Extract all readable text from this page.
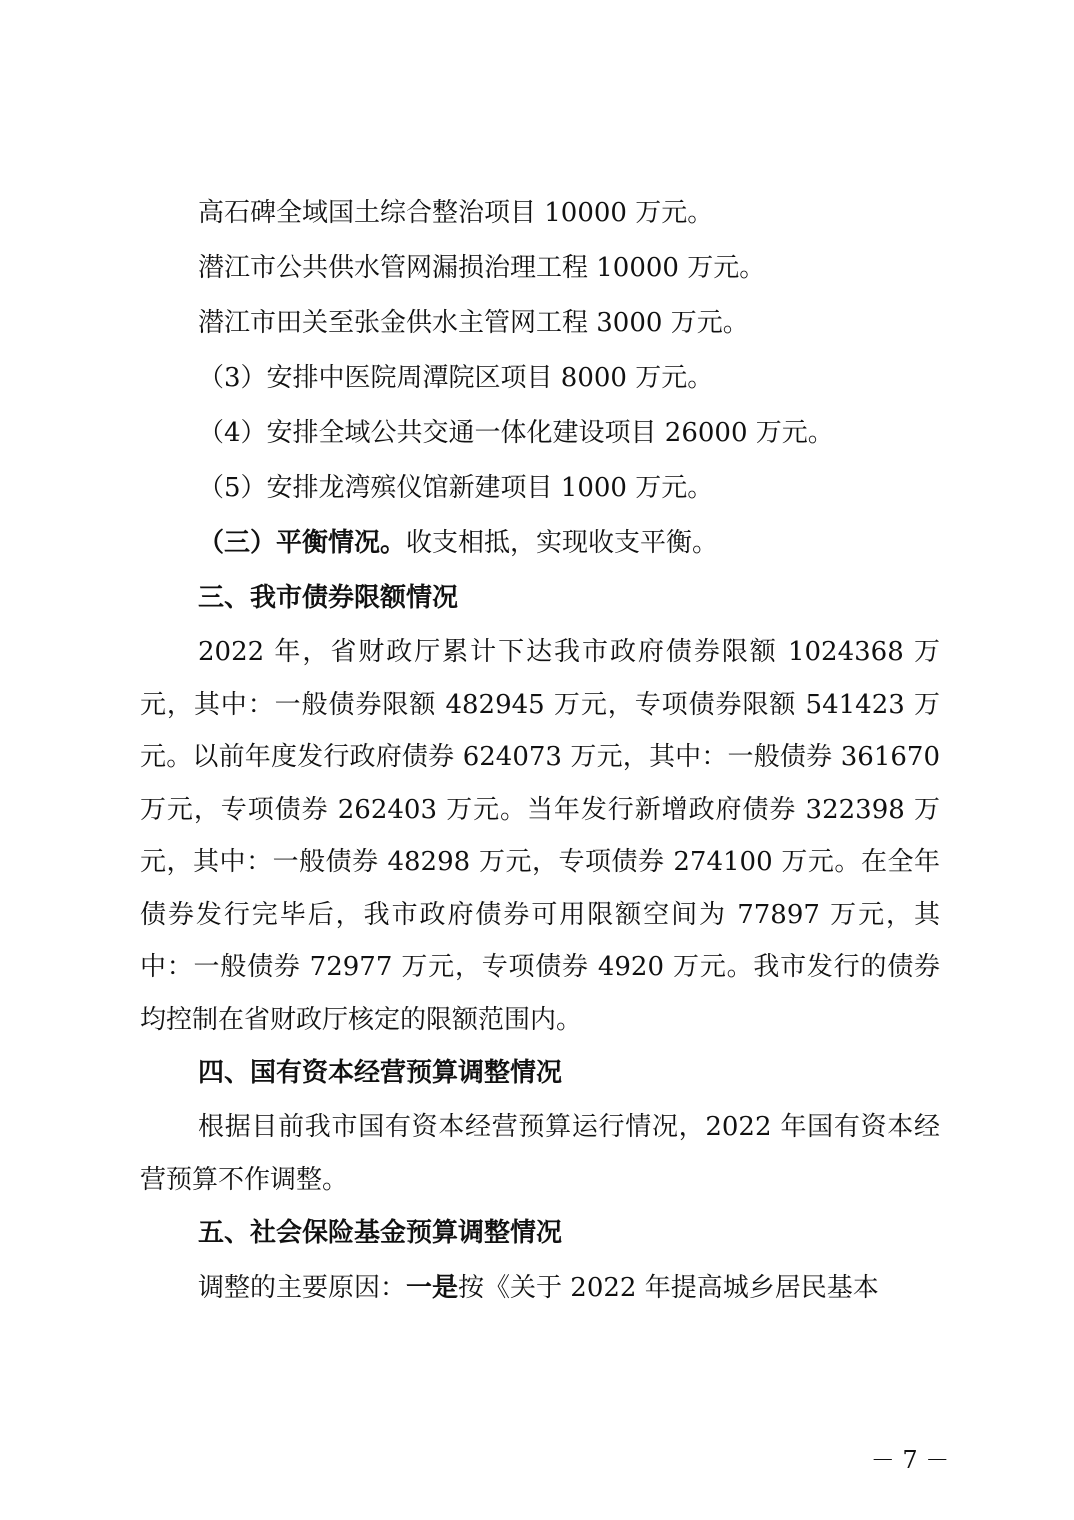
高石碑全域国土综合整治项目 10000 万元。
潜江市公共供水管网漏损治理工程 10000 万元。
潜江市田关至张金供水主管网工程 3000 万元。
（3）安排中医院周潭院区项目 8000 万元。
（4）安排全域公共交通一体化建设项目 26000 万元。
（5）安排龙湾殡仪馆新建项目 1000 万元。
（三）平衡情况。收支相抵，实现收支平衡。
三、我市债券限额情况
2022 年，省财政厅累计下达我市政府债券限额 1024368 万元，其中：一般债券限额 482945 万元，专项债券限额 541423 万元。以前年度发行政府债券 624073 万元，其中：一般债券 361670 万元，专项债券 262403 万元。当年发行新增政府债券 322398 万元，其中：一般债券 48298 万元，专项债券 274100 万元。在全年债券发行完毕后，我市政府债券可用限额空间为 77897 万元，其中：一般债券 72977 万元，专项债券 4920 万元。我市发行的债券均控制在省财政厅核定的限额范围内。
四、国有资本经营预算调整情况
根据目前我市国有资本经营预算运行情况，2022 年国有资本经营预算不作调整。
五、社会保险基金预算调整情况
调整的主要原因：一是按《关于 2022 年提高城乡居民基本
－ 7 －
